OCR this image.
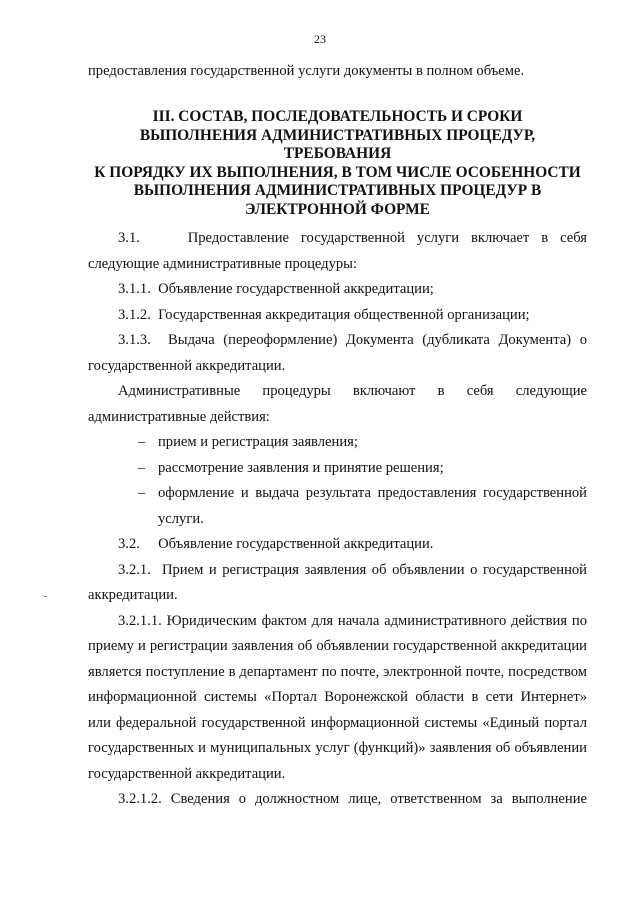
23

предоставления государственной услуги документы в полном объеме.

III. СОСТАВ, ПОСЛЕДОВАТЕЛЬНОСТЬ И СРОКИ
ВЫПОЛНЕНИЯ АДМИНИСТРАТИВНЫХ ПРОЦЕДУР, ТРЕБОВАНИЯ
К ПОРЯДКУ ИХ ВЫПОЛНЕНИЯ, В ТОМ ЧИСЛЕ ОСОБЕННОСТИ
ВЫПОЛНЕНИЯ АДМИНИСТРАТИВНЫХ ПРОЦЕДУР В
ЭЛЕКТРОННОЙ ФОРМЕ

3.1.    Предоставление государственной услуги включает в себя следующие административные процедуры:

3.1.1.  Объявление государственной аккредитации;

3.1.2.  Государственная аккредитация общественной организации;

3.1.3.  Выдача (переоформление) Документа (дубликата Документа) о государственной аккредитации.

Административные процедуры включают в себя следующие административные действия:

– прием и регистрация заявления;
– рассмотрение заявления и принятие решения;
– оформление и выдача результата предоставления государственной услуги.

3.2.     Объявление государственной аккредитации.

3.2.1.  Прием и регистрация заявления об объявлении о государственной аккредитации.

3.2.1.1. Юридическим фактом для начала административного действия по приему и регистрации заявления об объявлении государственной аккредитации является поступление в департамент по почте, электронной почте, посредством информационной системы «Портал Воронежской области в сети Интернет» или федеральной государственной информационной системы «Единый портал государственных и муниципальных услуг (функций)» заявления об объявлении государственной аккредитации.

3.2.1.2. Сведения о должностном лице, ответственном за выполнение
